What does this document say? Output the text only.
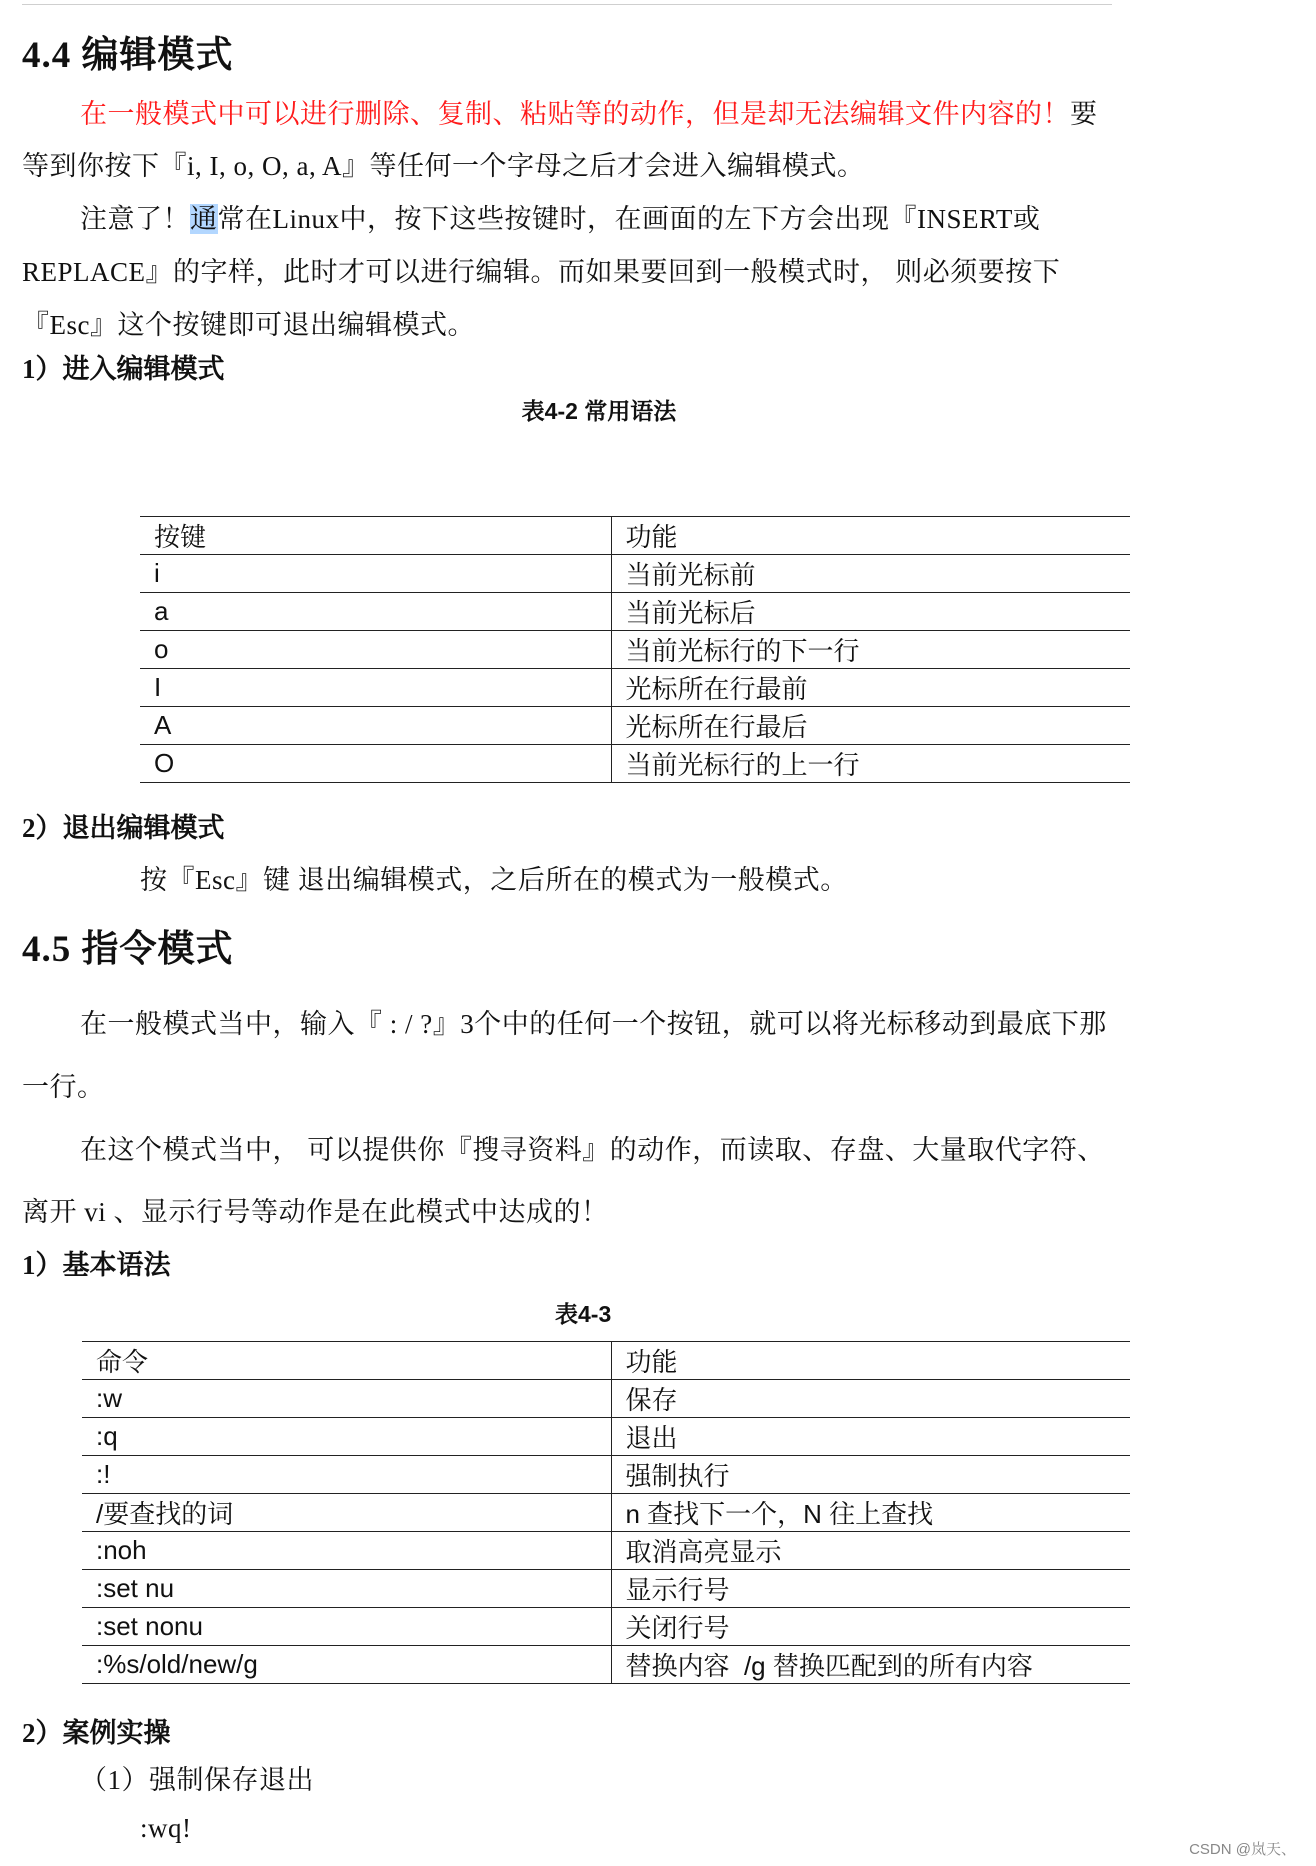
4.4 编辑模式
在一般模式中可以进行删除、复制、粘贴等的动作，但是却无法编辑文件内容的！要
等到你按下『i, I, o, O, a, A』等任何一个字母之后才会进入编辑模式。
注意了！通常在Linux中，按下这些按键时，在画面的左下方会出现『INSERT或
REPLACE』的字样，此时才可以进行编辑。而如果要回到一般模式时， 则必须要按下
『Esc』这个按键即可退出编辑模式。
1）进入编辑模式
表4-2 常用语法
按键	功能
i	当前光标前
a	当前光标后
o	当前光标行的下一行
I	光标所在行最前
A	光标所在行最后
O	当前光标行的上一行
2）退出编辑模式
按『Esc』键 退出编辑模式，之后所在的模式为一般模式。
4.5 指令模式
在一般模式当中，输入『 : / ?』3个中的任何一个按钮，就可以将光标移动到最底下那
一行。
在这个模式当中， 可以提供你『搜寻资料』的动作，而读取、存盘、大量取代字符、
离开 vi 、显示行号等动作是在此模式中达成的！
1）基本语法
表4-3
命令	功能
:w	保存
:q	退出
:!	强制执行
/要查找的词	n 查找下一个，N 往上查找
:noh	取消高亮显示
:set nu	显示行号
:set nonu	关闭行号
:%s/old/new/g	替换内容  /g 替换匹配到的所有内容
2）案例实操
（1）强制保存退出
:wq!
CSDN @岚天、
